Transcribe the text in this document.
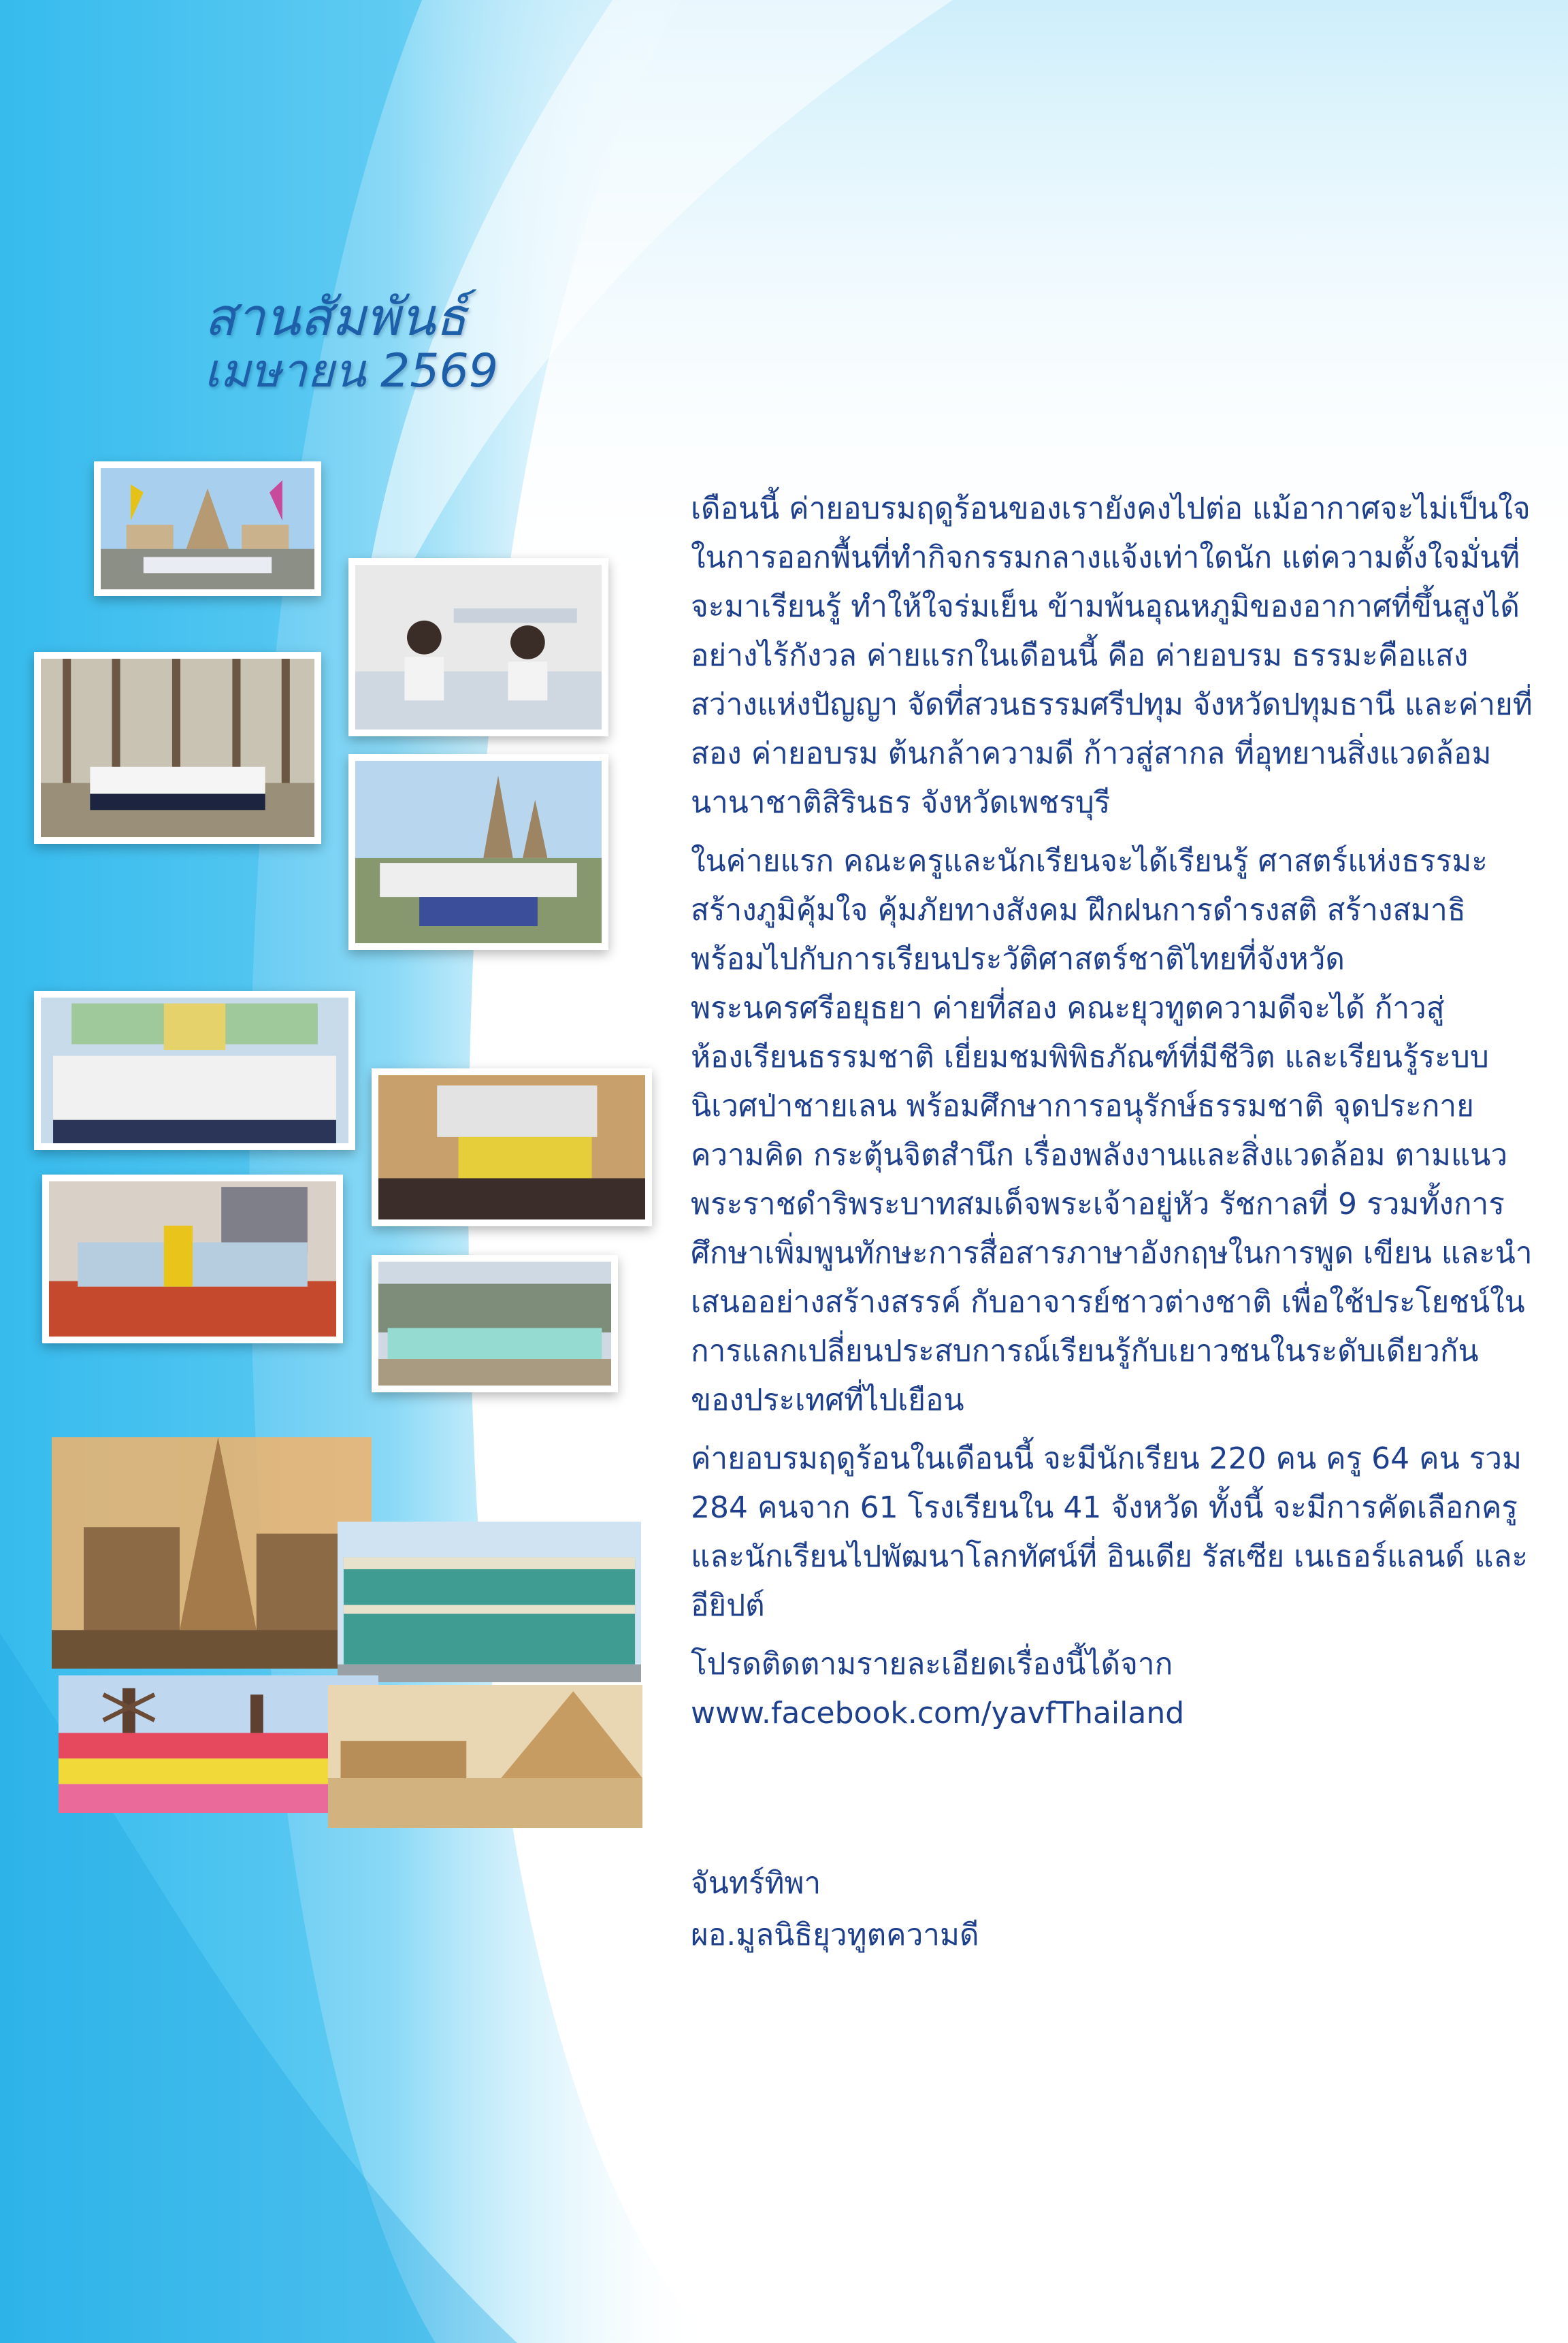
สานสัมพันธ์
เมษายน 2569

เดือนนี้ ค่ายอบรมฤดูร้อนของเรายังคงไปต่อ แม้อากาศจะไม่เป็นใจในการออกพื้นที่ทำกิจกรรมกลางแจ้งเท่าใดนัก แต่ความตั้งใจมั่นที่จะมาเรียนรู้ ทำให้ใจร่มเย็น ข้ามพ้นอุณหภูมิของอากาศที่ขึ้นสูงได้อย่างไร้กังวล ค่ายแรกในเดือนนี้ คือ ค่ายอบรม ธรรมะคือแสงสว่างแห่งปัญญา จัดที่สวนธรรมศรีปทุม จังหวัดปทุมธานี และค่ายที่สอง ค่ายอบรม ต้นกล้าความดี ก้าวสู่สากล ที่อุทยานสิ่งแวดล้อมนานาชาติสิรินธร จังหวัดเพชรบุรี

ในค่ายแรก คณะครูและนักเรียนจะได้เรียนรู้ ศาสตร์แห่งธรรมะ สร้างภูมิคุ้มใจ คุ้มภัยทางสังคม ฝึกฝนการดำรงสติ สร้างสมาธิ พร้อมไปกับการเรียนประวัติศาสตร์ชาติไทยที่จังหวัดพระนครศรีอยุธยา ค่ายที่สอง คณะยุวทูตความดีจะได้ ก้าวสู่ห้องเรียนธรรมชาติ เยี่ยมชมพิพิธภัณฑ์ที่มีชีวิต และเรียนรู้ระบบนิเวศป่าชายเลน พร้อมศึกษาการอนุรักษ์ธรรมชาติ จุดประกายความคิด กระตุ้นจิตสำนึก เรื่องพลังงานและสิ่งแวดล้อม ตามแนวพระราชดำริพระบาทสมเด็จพระเจ้าอยู่หัว รัชกาลที่ 9 รวมทั้งการศึกษาเพิ่มพูนทักษะการสื่อสารภาษาอังกฤษในการพูด เขียน และนำเสนออย่างสร้างสรรค์ กับอาจารย์ชาวต่างชาติ เพื่อใช้ประโยชน์ในการแลกเปลี่ยนประสบการณ์เรียนรู้กับเยาวชนในระดับเดียวกัน ของประเทศที่ไปเยือน

ค่ายอบรมฤดูร้อนในเดือนนี้ จะมีนักเรียน 220 คน ครู 64 คน รวม 284 คนจาก 61 โรงเรียนใน 41 จังหวัด ทั้งนี้ จะมีการคัดเลือกครูและนักเรียนไปพัฒนาโลกทัศน์ที่ อินเดีย รัสเซีย เนเธอร์แลนด์ และ อียิปต์

โปรดติดตามรายละเอียดเรื่องนี้ได้จาก www.facebook.com/yavfThailand

จันทร์ทิพา
ผอ.มูลนิธิยุวทูตความดี
